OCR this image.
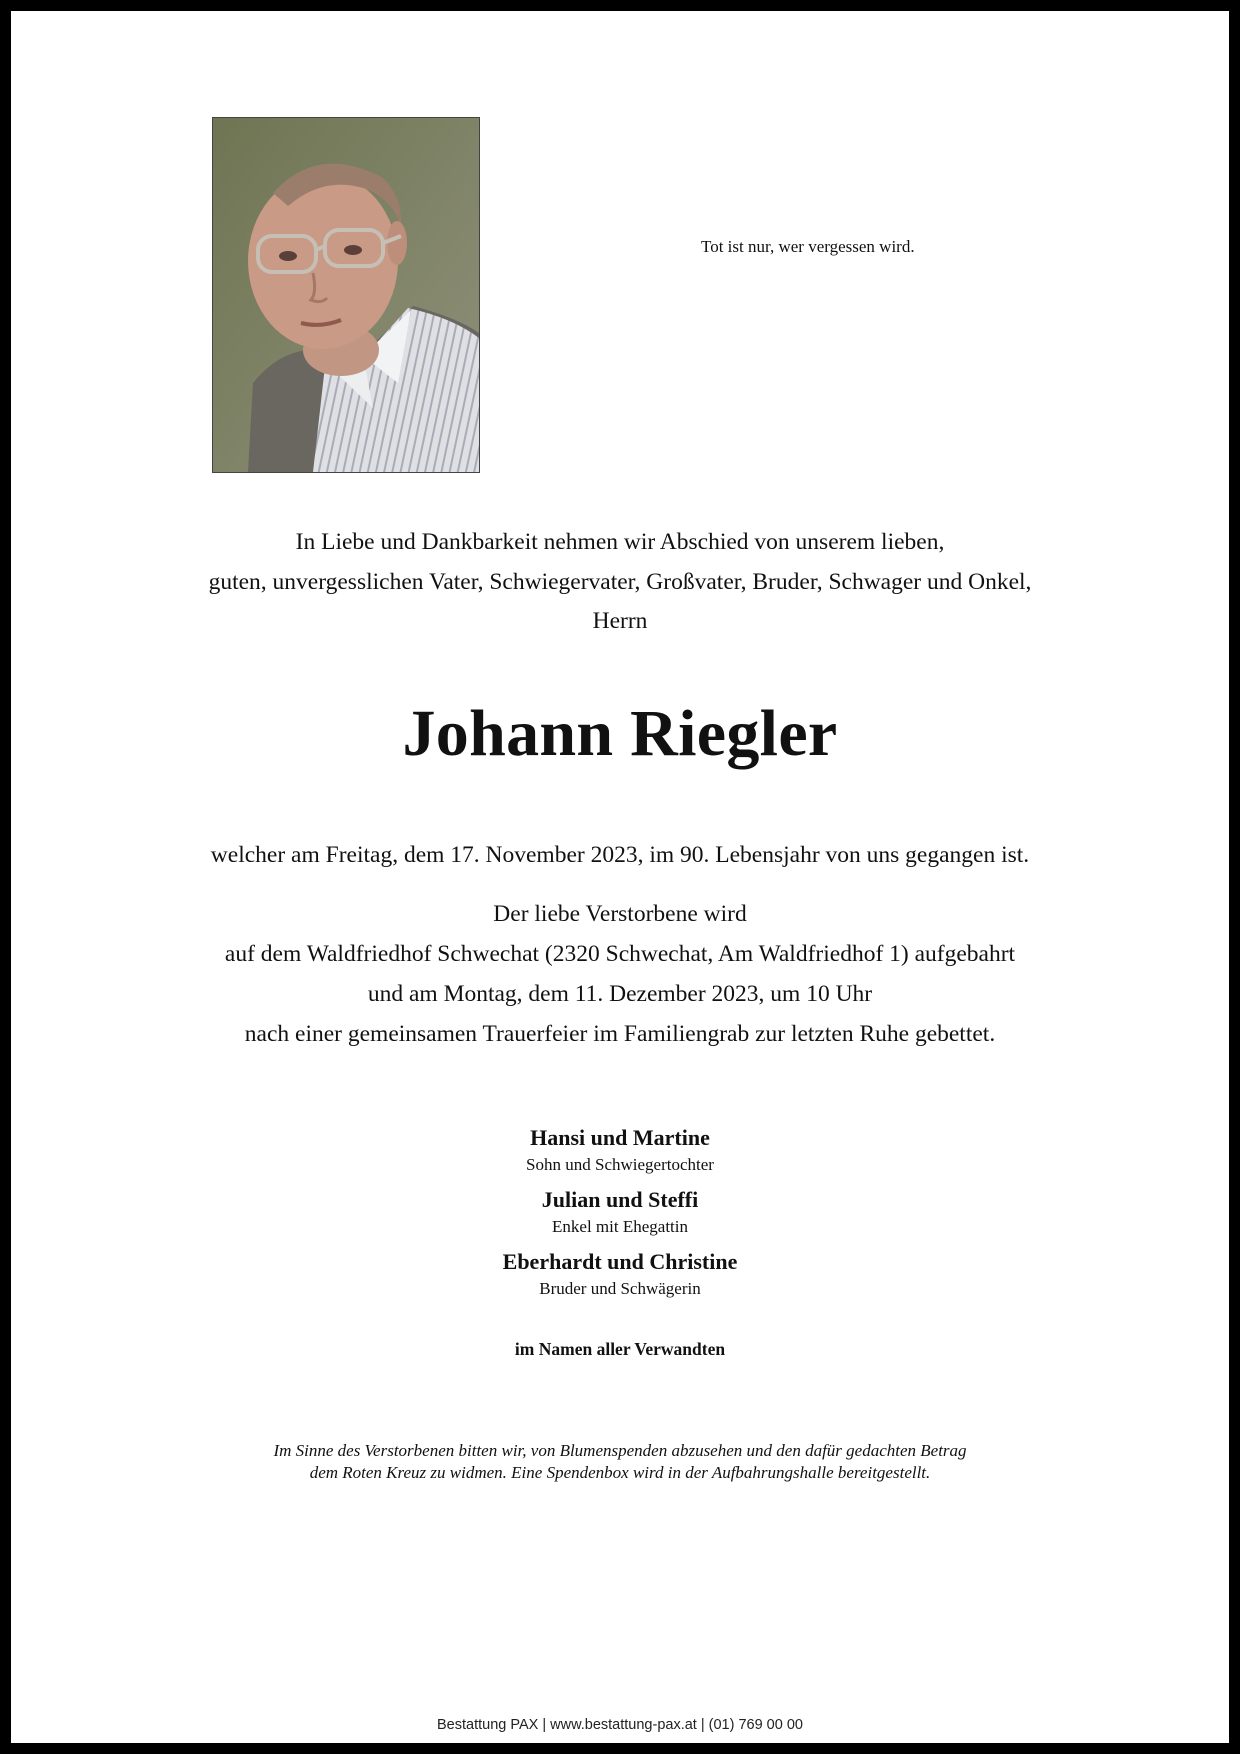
Tot ist nur, wer vergessen wird.
In Liebe und Dankbarkeit nehmen wir Abschied von unserem lieben,
guten, unvergesslichen Vater, Schwiegervater, Großvater, Bruder, Schwager und Onkel,
Herrn
Johann Riegler
welcher am Freitag, dem 17. November 2023, im 90. Lebensjahr von uns gegangen ist.
Der liebe Verstorbene wird
auf dem Waldfriedhof Schwechat (2320 Schwechat, Am Waldfriedhof 1) aufgebahrt
und am Montag, dem 11. Dezember 2023, um 10 Uhr
nach einer gemeinsamen Trauerfeier im Familiengrab zur letzten Ruhe gebettet.
Hansi und Martine
Sohn und Schwiegertochter
Julian und Steffi
Enkel mit Ehegattin
Eberhardt und Christine
Bruder und Schwägerin
im Namen aller Verwandten
Im Sinne des Verstorbenen bitten wir, von Blumenspenden abzusehen und den dafür gedachten Betrag
dem Roten Kreuz zu widmen. Eine Spendenbox wird in der Aufbahrungshalle bereitgestellt.
Bestattung PAX | www.bestattung-pax.at | (01) 769 00 00
